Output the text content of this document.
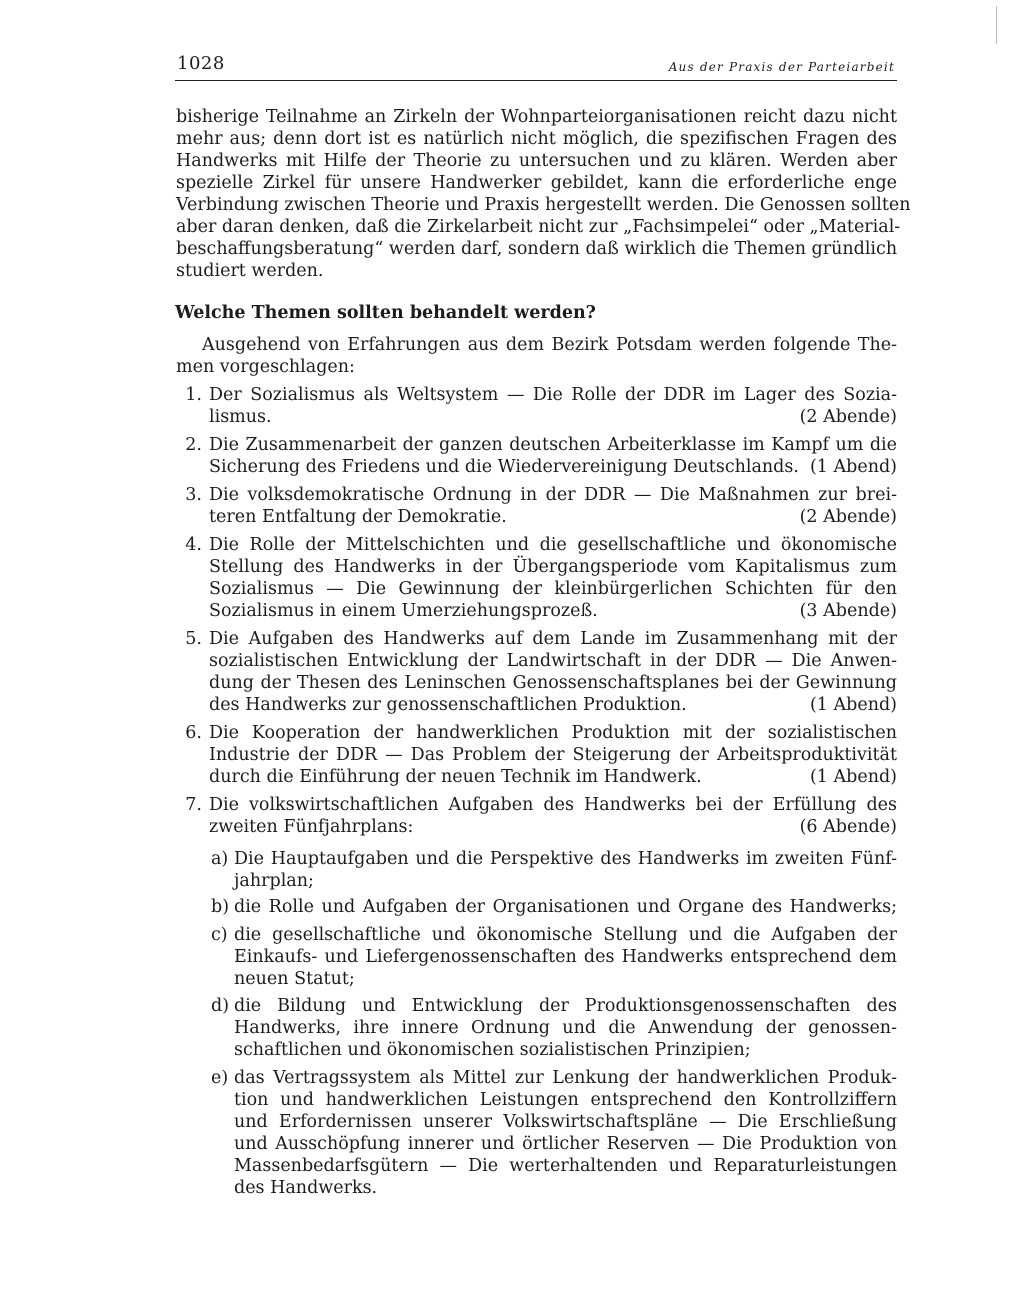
1028	Aus der Praxis der Parteiarbeit
bisherige Teilnahme an Zirkeln der Wohnparteiorganisationen reicht dazu nicht
mehr aus; denn dort ist es natürlich nicht möglich, die spezifischen Fragen des
Handwerks mit Hilfe der Theorie zu untersuchen und zu klären. Werden aber
spezielle Zirkel für unsere Handwerker gebildet, kann die erforderliche enge
Verbindung zwischen Theorie und Praxis hergestellt werden. Die Genossen sollten
aber daran denken, daß die Zirkelarbeit nicht zur „Fachsimpelei“ oder „Material-
beschaffungsberatung“ werden darf, sondern daß wirklich die Themen gründlich
studiert werden.
Welche Themen sollten behandelt werden?
Ausgehend von Erfahrungen aus dem Bezirk Potsdam werden folgende The-
men vorgeschlagen:
1. Der Sozialismus als Weltsystem — Die Rolle der DDR im Lager des Sozia-
lismus.	(2 Abende)
2. Die Zusammenarbeit der ganzen deutschen Arbeiterklasse im Kampf um die
Sicherung des Friedens und die Wiedervereinigung Deutschlands. (1 Abend)
3. Die volksdemokratische Ordnung in der DDR — Die Maßnahmen zur brei-
teren Entfaltung der Demokratie.	(2 Abende)
4. Die Rolle der Mittelschichten und die gesellschaftliche und ökonomische
Stellung des Handwerks in der Übergangsperiode vom Kapitalismus zum
Sozialismus — Die Gewinnung der kleinbürgerlichen Schichten für den
Sozialismus in einem Umerziehungsprozeß.	(3 Abende)
5. Die Aufgaben des Handwerks auf dem Lande im Zusammenhang mit der
sozialistischen Entwicklung der Landwirtschaft in der DDR — Die Anwen-
dung der Thesen des Leninschen Genossenschaftsplanes bei der Gewinnung
des Handwerks zur genossenschaftlichen Produktion.	(1 Abend)
6. Die Kooperation der handwerklichen Produktion mit der sozialistischen
Industrie der DDR — Das Problem der Steigerung der Arbeitsproduktivität
durch die Einführung der neuen Technik im Handwerk.	(1 Abend)
7. Die volkswirtschaftlichen Aufgaben des Handwerks bei der Erfüllung des
zweiten Fünfjahrplans:	(6 Abende)
a) Die Hauptaufgaben und die Perspektive des Handwerks im zweiten Fünf-
jahrplan;
b) die Rolle und Aufgaben der Organisationen und Organe des Handwerks;
c) die gesellschaftliche und ökonomische Stellung und die Aufgaben der
Einkaufs- und Liefergenossenschaften des Handwerks entsprechend dem
neuen Statut;
d) die Bildung und Entwicklung der Produktionsgenossenschaften des
Handwerks, ihre innere Ordnung und die Anwendung der genossen-
schaftlichen und ökonomischen sozialistischen Prinzipien;
e) das Vertragssystem als Mittel zur Lenkung der handwerklichen Produk-
tion und handwerklichen Leistungen entsprechend den Kontrollziffern
und Erfordernissen unserer Volkswirtschaftspläne — Die Erschließung
und Ausschöpfung innerer und örtlicher Reserven — Die Produktion von
Massenbedarfsgütern — Die werterhaltenden und Reparaturleistungen
des Handwerks.
